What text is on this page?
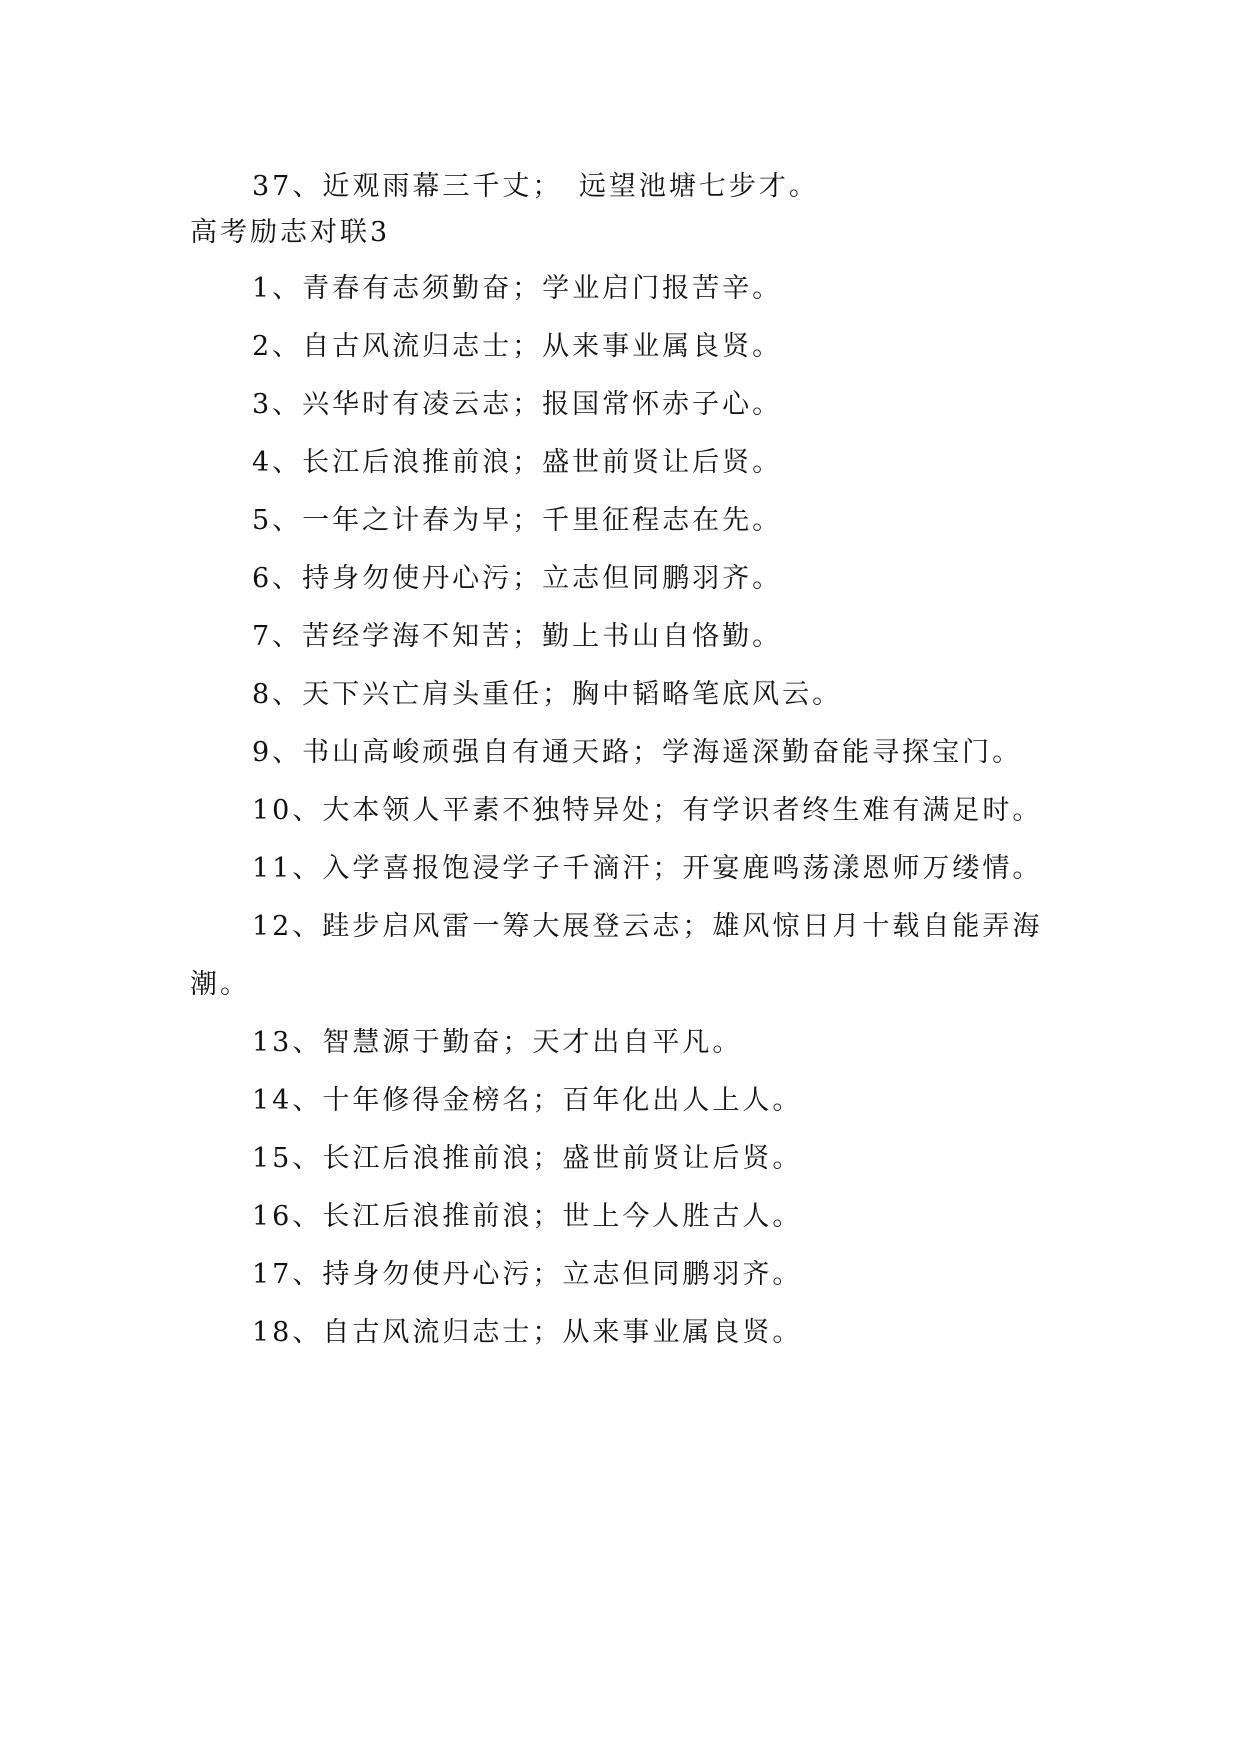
37、近观雨幕三千丈；　远望池塘七步才。

高考励志对联3

1、青春有志须勤奋；学业启门报苦辛。

2、自古风流归志士；从来事业属良贤。

3、兴华时有凌云志；报国常怀赤子心。

4、长江后浪推前浪；盛世前贤让后贤。

5、一年之计春为早；千里征程志在先。

6、持身勿使丹心污；立志但同鹏羽齐。

7、苦经学海不知苦；勤上书山自恪勤。

8、天下兴亡肩头重任；胸中韬略笔底风云。

9、书山高峻顽强自有通天路；学海遥深勤奋能寻探宝门。

10、大本领人平素不独特异处；有学识者终生难有满足时。

11、入学喜报饱浸学子千滴汗；开宴鹿鸣荡漾恩师万缕情。

12、跬步启风雷一筹大展登云志；雄风惊日月十载自能弄海潮。

13、智慧源于勤奋；天才出自平凡。

14、十年修得金榜名；百年化出人上人。

15、长江后浪推前浪；盛世前贤让后贤。

16、长江后浪推前浪；世上今人胜古人。

17、持身勿使丹心污；立志但同鹏羽齐。

18、自古风流归志士；从来事业属良贤。
